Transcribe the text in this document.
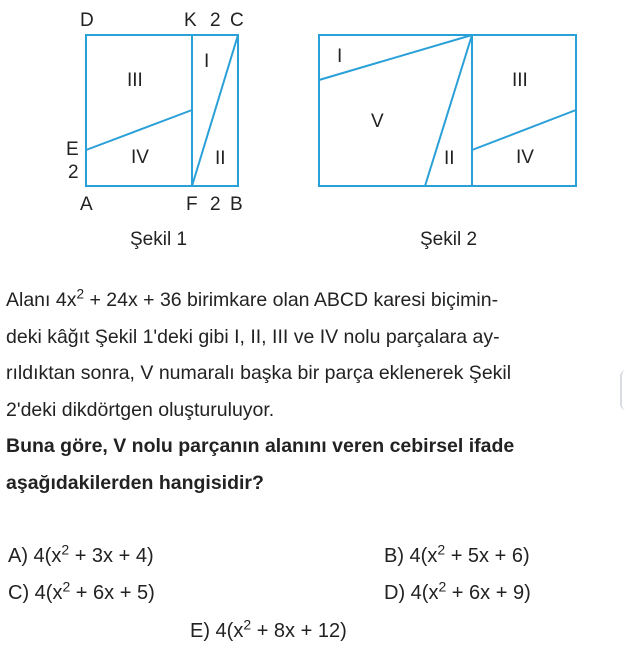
D	K 2 C
A	F 2 B
E
2
I
II
III
IV
Şekil 1
I
V
II
III
IV
Şekil 2

Alanı $4x^2 + 24x + 36$ birimkare olan ABCD karesi biçimin-

deki kâğıt Şekil 1'deki gibi I, II, III ve IV nolu parçalara ay-

rıldıktan sonra, V numaralı başka bir parça eklenerek Şekil

2'deki dikdörtgen oluşturuluyor.

Buna göre, V nolu parçanın alanını veren cebirsel ifade

aşağıdakilerden hangisidir?

A) $4(x^2 + 3x + 4)$	B) $4(x^2 + 5x + 6)$
C) $4(x^2 + 6x + 5)$	D) $4(x^2 + 6x + 9)$
E) $4(x^2 + 8x + 12)$
